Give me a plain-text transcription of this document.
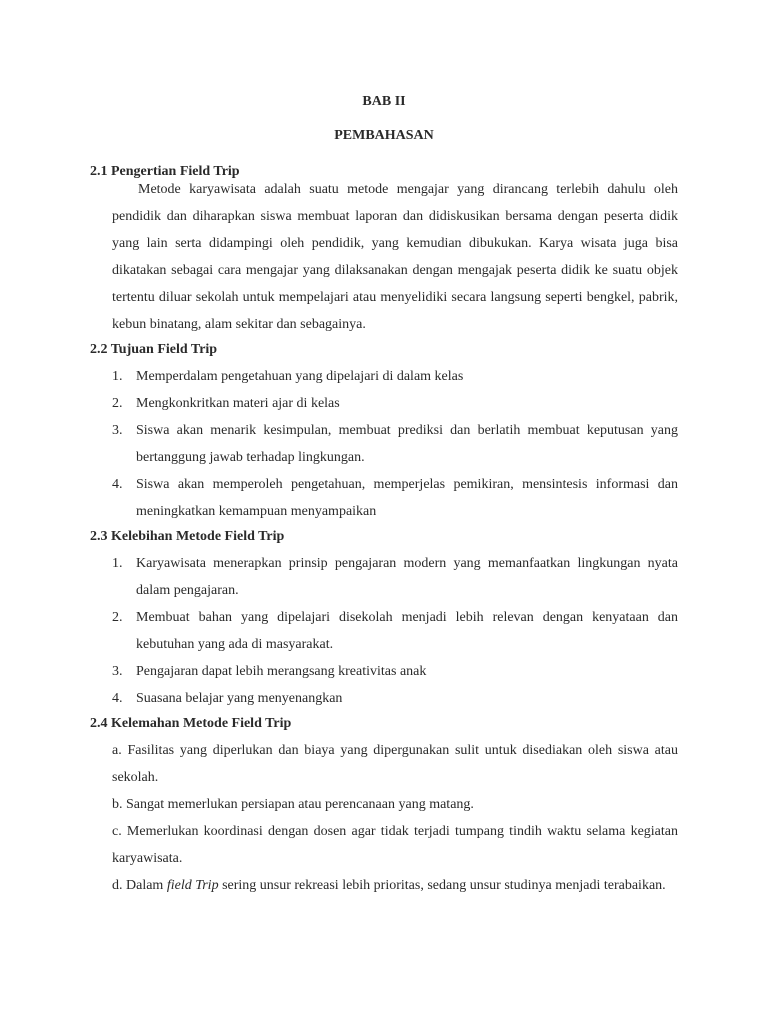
BAB II
PEMBAHASAN
2.1 Pengertian Field Trip

Metode karyawisata adalah suatu metode mengajar yang dirancang terlebih dahulu oleh pendidik dan diharapkan siswa membuat laporan dan didiskusikan bersama dengan peserta didik yang lain serta didampingi oleh pendidik, yang kemudian dibukukan. Karya wisata juga bisa dikatakan sebagai cara mengajar yang dilaksanakan dengan mengajak peserta didik ke suatu objek tertentu diluar sekolah untuk mempelajari atau menyelidiki secara langsung seperti bengkel, pabrik, kebun binatang, alam sekitar dan sebagainya.

2.2 Tujuan Field Trip
1. Memperdalam pengetahuan yang dipelajari di dalam kelas
2. Mengkonkritkan materi ajar di kelas
3. Siswa akan menarik kesimpulan, membuat prediksi dan berlatih membuat keputusan yang bertanggung jawab terhadap lingkungan.
4. Siswa akan memperoleh pengetahuan, memperjelas pemikiran, mensintesis informasi dan meningkatkan kemampuan menyampaikan
2.3 Kelebihan Metode Field Trip
1. Karyawisata menerapkan prinsip pengajaran modern yang memanfaatkan lingkungan nyata dalam pengajaran.
2. Membuat bahan yang dipelajari disekolah menjadi lebih relevan dengan kenyataan dan kebutuhan yang ada di masyarakat.
3. Pengajaran dapat lebih merangsang kreativitas anak
4. Suasana belajar yang menyenangkan
2.4 Kelemahan Metode Field Trip
a. Fasilitas yang diperlukan dan biaya yang dipergunakan sulit untuk disediakan oleh siswa atau sekolah.
b. Sangat memerlukan persiapan atau perencanaan yang matang.
c. Memerlukan koordinasi dengan dosen agar tidak terjadi tumpang tindih waktu selama kegiatan karyawisata.
d. Dalam field Trip sering unsur rekreasi lebih prioritas, sedang unsur studinya menjadi terabaikan.
